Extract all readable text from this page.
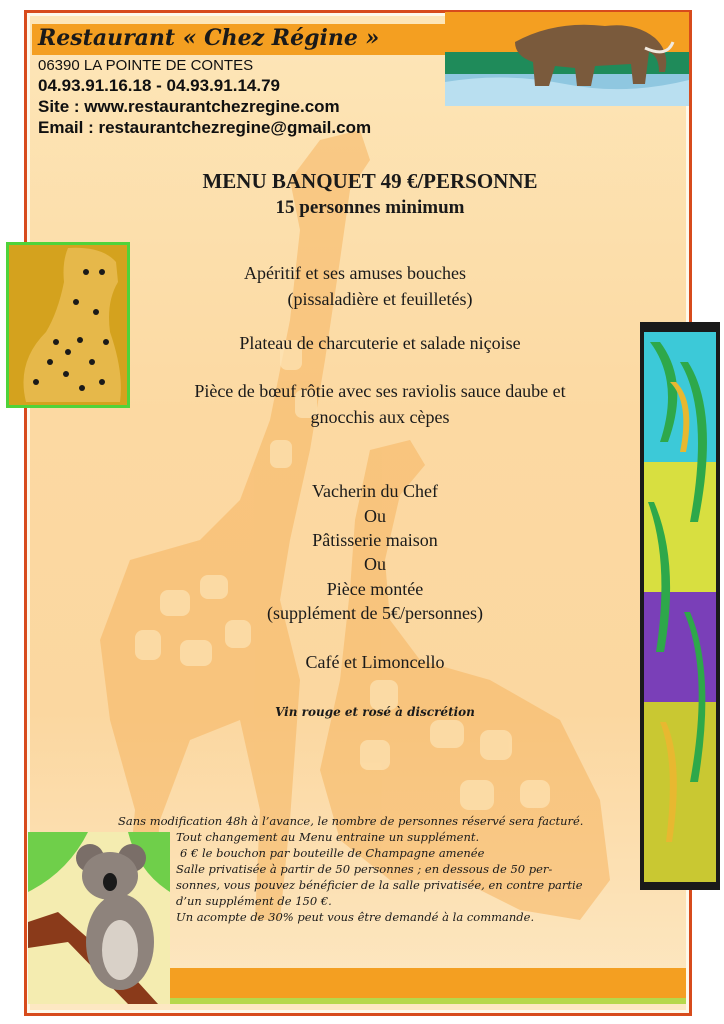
Restaurant « Chez Régine »
06390 LA POINTE DE CONTES
04.93.91.16.18 - 04.93.91.14.79
Site : www.restaurantchezregine.com
Email : restaurantchezregine@gmail.com
MENU BANQUET 49 €/PERSONNE
15 personnes minimum
Apéritif et ses amuses bouches
(pissaladière et feuilletés)
Plateau de charcuterie et salade niçoise
Pièce de bœuf rôtie avec ses raviolis sauce daube et
gnocchis aux cèpes
Vacherin du Chef
Ou
Pâtisserie maison
Ou
Pièce montée
(supplément de 5€/personnes)
Café et Limoncello
Vin rouge et rosé à discrétion
Sans modification 48h à l’avance, le nombre de personnes réservé sera facturé.
Tout changement au Menu entraine un supplément.
6 € le bouchon par bouteille de Champagne amenée
Salle privatisée à partir de 50 personnes ; en dessous de 50 per-
sonnes, vous pouvez bénéficier de la salle privatisée, en contre partie
d’un supplément de 150 €.
Un acompte de 30% peut vous être demandé à la commande.
